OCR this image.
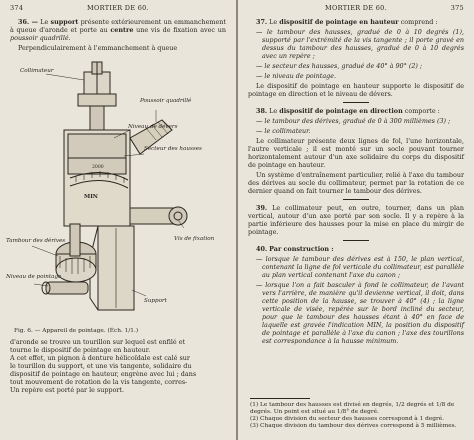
374	MORTIER DE 60.

36. — Le support présente extérieurement un emmanchement à queue d'aronde et porte au centre une vis de fixation avec un poussoir quadrillé.

Perpendiculairement à l'emmanchement à queue

Collimateur
Poussoir quadrillé
Niveau de dévers
Secteur des hausses
Tambour des dérives
Niveau de pointage
Vis de fixation
Support
MIN
2000
Fig. 6. — Appareil de pointage. (Éch. 1/1.)

d'aronde se trouve un tourillon sur lequel est enfilé et

tourne le dispositif de pointage en hauteur.

A cet effet, un pignon à denture hélicoïdale est calé sur

le tourillon du support, et une vis tangente, solidaire du

dispositif de pointage en hauteur, engrène avec lui ; dans

tout mouvement de rotation de la vis tangente, corres-

Un repère est porté par le support.

MORTIER DE 60.	375

37. Le dispositif de pointage en hauteur comprend :

— le tambour des hausses, gradué de 0 à 10 degrés (1), supporté par l'extrémité de la vis tangente ; il porte gravé en dessus du tambour des hausses, gradué de 0 à 10 degrés avec un repère ;

— le secteur des hausses, gradué de 40° à 90° (2) ;

— le niveau de pointage.

Le dispositif de pointage en hauteur supporte le dispositif de pointage en direction et le niveau de dévers.

38. Le dispositif de pointage en direction comporte :

— le tambour des dérives, gradué de 0 à 300 millièmes (3) ;

— le collimateur.

Le collimateur présente deux lignes de fol, l'une horizontale, l'autre verticale ; il est monté sur un socle pouvant tourner horizontalement autour d'un axe solidaire du corps du dispositif de pointage en hauteur.

Un système d'entraînement particulier, relié à l'axe du tambour des dérives au socle du collimateur, permet par la rotation de ce dernier quand on fait tourner le tambour des dérives.

39. Le collimateur peut, en outre, tourner, dans un plan vertical, autour d'un axe porté par son socle. Il y a repère à la partie inférieure des hausses pour la mise en place du mirgir de pointage.

40. Par construction :

— lorsque le tambour des dérives est à 150, le plan vertical, contenant la ligne de fol verticale du collimateur, est parallèle au plan vertical contenant l'axe du canon ;

— lorsque l'on a fait basculer à fond le collimateur, de l'avant vers l'arrière, de manière qu'il devienne vertical, il doit, dans cette position de la hausse, se trouver à 40° (4) ; la ligne verticale de visée, repérée sur le bord incliné du secteur, pour que le tambour des hausses étant à 40° en face de laquelle est gravée l'indication MIN, la position du dispositif de pointage et parallèle à l'axe du canon ; l'axe des tourillons est correspondance à la hausse minimum.

(1) Le tambour des hausses est divisé en degrés, 1/2 degrés et 1/8 de degrés. Un point est situé au 1/8° de degré.
(2) Chaque division du secteur des hausses correspond à 1 degré.
(3) Chaque division du tambour des dérives correspond à 5 millièmes.
